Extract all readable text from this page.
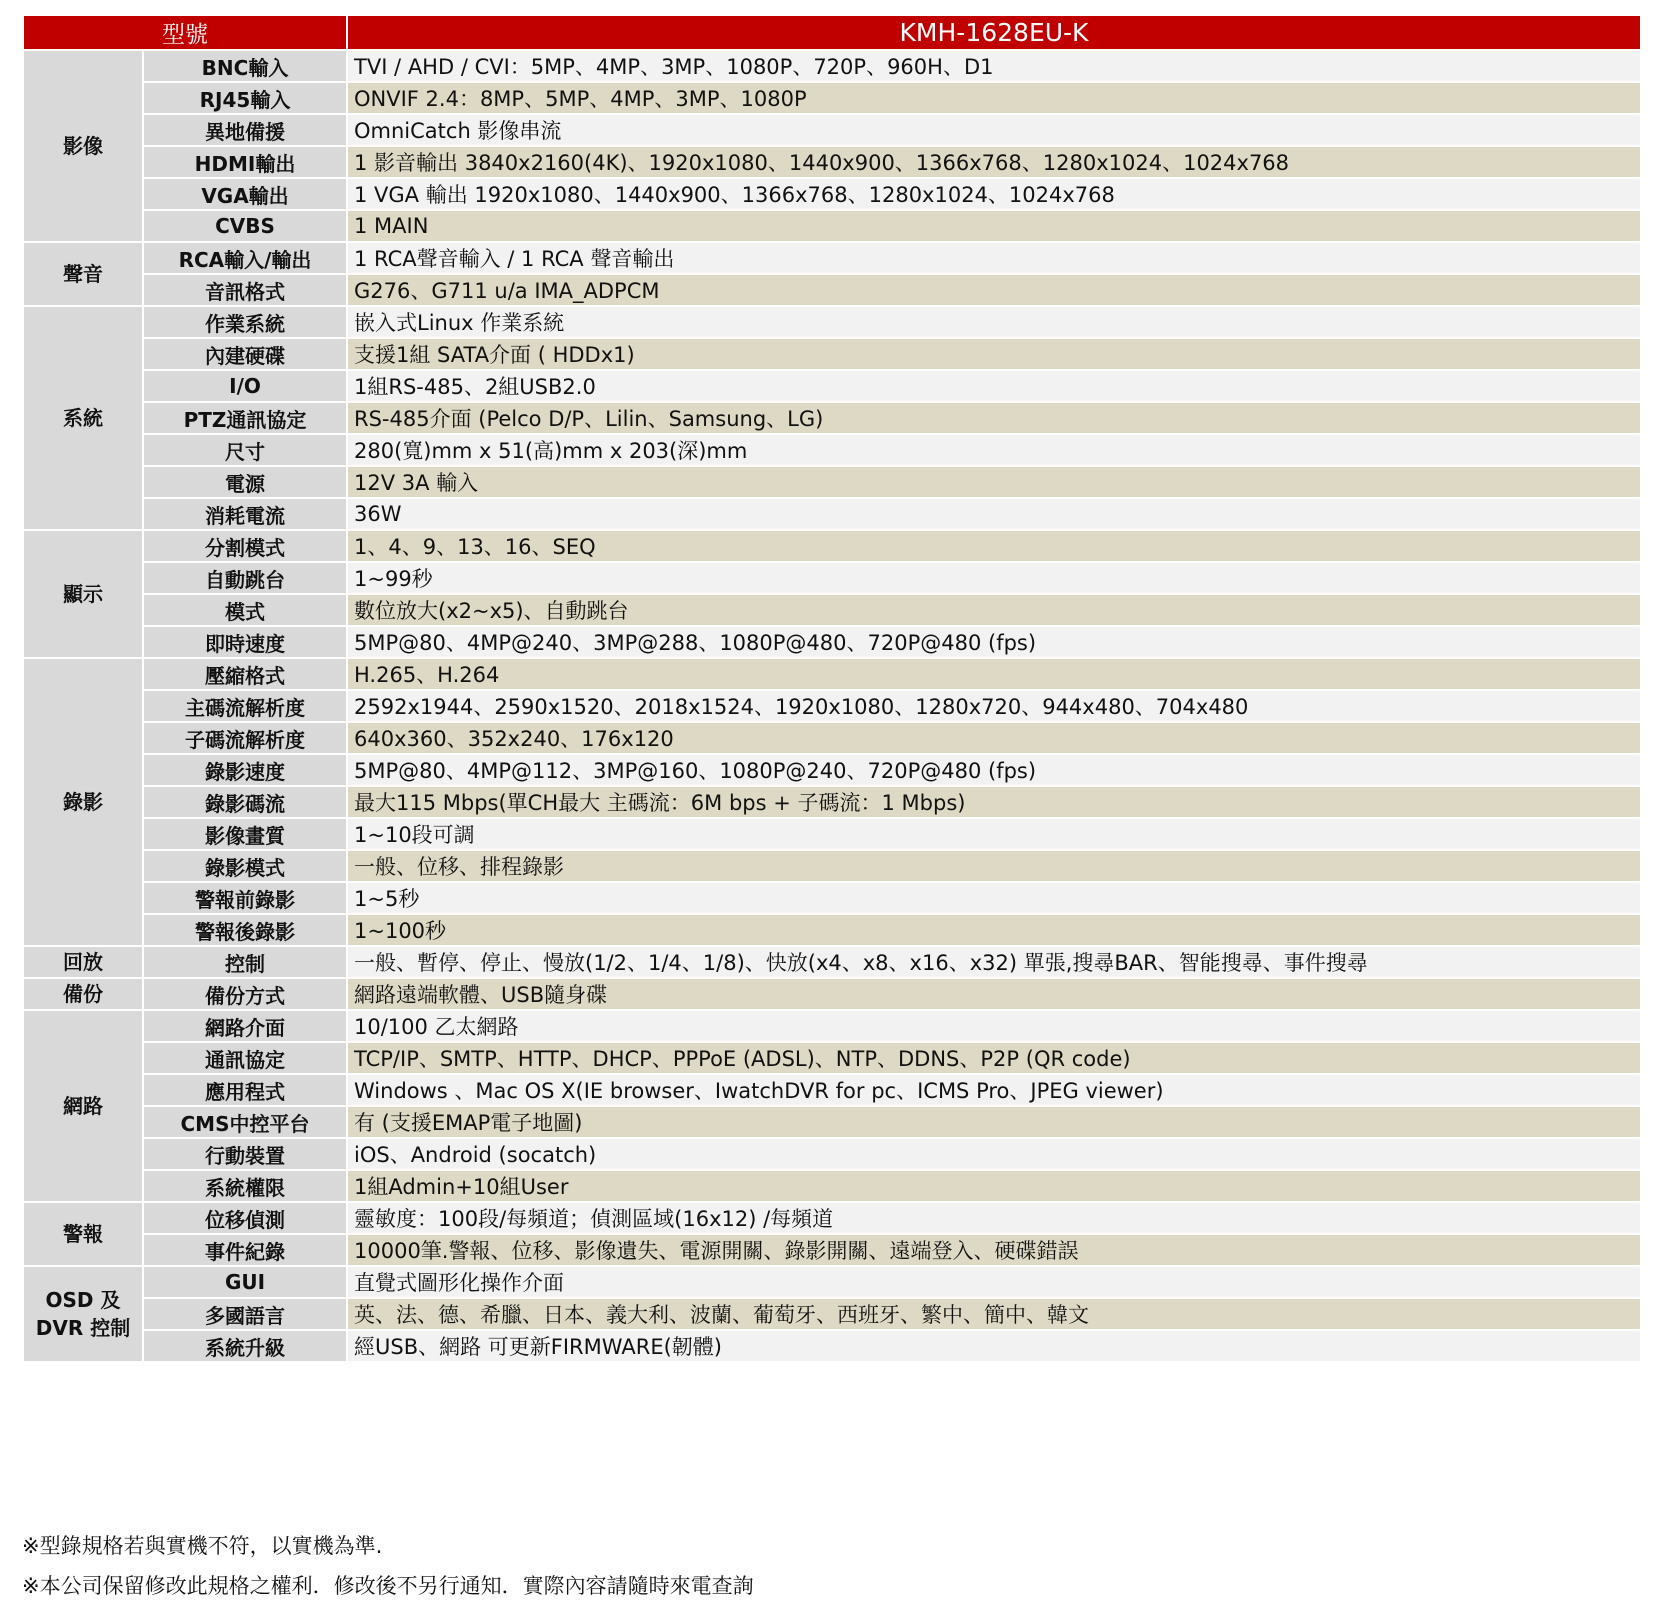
型號		KMH-1628EU-K
影像	BNC輸入	TVI / AHD / CVI：5MP、4MP、3MP、1080P、720P、960H、D1
	RJ45輸入	ONVIF 2.4：8MP、5MP、4MP、3MP、1080P
	異地備援	OmniCatch 影像串流
	HDMI輸出	1 影音輸出 3840x2160(4K)、1920x1080、1440x900、1366x768、1280x1024、1024x768
	VGA輸出	1 VGA 輸出 1920x1080、1440x900、1366x768、1280x1024、1024x768
	CVBS	1 MAIN
聲音	RCA輸入/輸出	1 RCA聲音輸入 / 1 RCA 聲音輸出
	音訊格式	G276、G711 u/a IMA_ADPCM
系統	作業系統	嵌入式Linux 作業系統
	內建硬碟	支援1組 SATA介面 ( HDDx1)
	I/O	1組RS-485、2組USB2.0
	PTZ通訊協定	RS-485介面 (Pelco D/P、Lilin、Samsung、LG)
	尺寸	280(寬)mm x 51(高)mm x 203(深)mm
	電源	12V 3A 輸入
	消耗電流	36W
顯示	分割模式	1、4、9、13、16、SEQ
	自動跳台	1~99秒
	模式	數位放大(x2~x5)、自動跳台
	即時速度	5MP@80、4MP@240、3MP@288、1080P@480、720P@480 (fps)
錄影	壓縮格式	H.265、H.264
	主碼流解析度	2592x1944、2590x1520、2018x1524、1920x1080、1280x720、944x480、704x480
	子碼流解析度	640x360、352x240、176x120
	錄影速度	5MP@80、4MP@112、3MP@160、1080P@240、720P@480 (fps)
	錄影碼流	最大115 Mbps(單CH最大 主碼流：6M bps + 子碼流：1 Mbps)
	影像畫質	1~10段可調
	錄影模式	一般、位移、排程錄影
	警報前錄影	1~5秒
	警報後錄影	1~100秒
回放	控制	一般、暫停、停止、慢放(1/2、1/4、1/8)、快放(x4、x8、x16、x32) 單張,搜尋BAR、智能搜尋、事件搜尋
備份	備份方式	網路遠端軟體、USB隨身碟
網路	網路介面	10/100 乙太網路
	通訊協定	TCP/IP、SMTP、HTTP、DHCP、PPPoE (ADSL)、NTP、DDNS、P2P (QR code)
	應用程式	Windows 、Mac OS X(IE browser、IwatchDVR for pc、ICMS Pro、JPEG viewer)
	CMS中控平台	有 (支援EMAP電子地圖)
	行動裝置	iOS、Android (socatch)
	系統權限	1組Admin+10組User
警報	位移偵測	靈敏度：100段/每頻道；偵測區域(16x12) /每頻道
	事件紀錄	10000筆.警報、位移、影像遺失、電源開關、錄影開關、遠端登入、硬碟錯誤
OSD 及
DVR 控制	GUI	直覺式圖形化操作介面
	多國語言	英、法、德、希臘、日本、義大利、波蘭、葡萄牙、西班牙、繁中、簡中、韓文
	系統升級	經USB、網路 可更新FIRMWARE(韌體)
※型錄規格若與實機不符，以實機為準.
※本公司保留修改此規格之權利．修改後不另行通知．實際內容請隨時來電查詢
